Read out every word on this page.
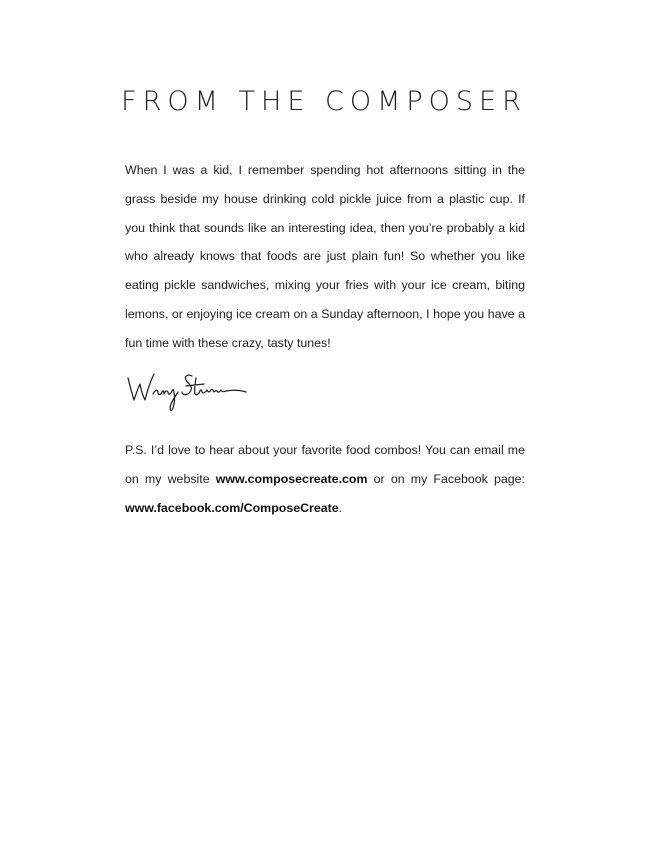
FROM THE COMPOSER
When I was a kid, I remember spending hot afternoons sitting in the grass beside my house drinking cold pickle juice from a plastic cup. If you think that sounds like an interesting idea, then you’re probably a kid who already knows that foods are just plain fun! So whether you like eating pickle sandwiches, mixing your fries with your ice cream, biting lemons, or enjoying ice cream on a Sunday afternoon, I hope you have a fun time with these crazy, tasty tunes!
P.S. I’d love to hear about your favorite food combos! You can email me on my website www.composecreate.com or on my Facebook page: www.facebook.com/ComposeCreate.
